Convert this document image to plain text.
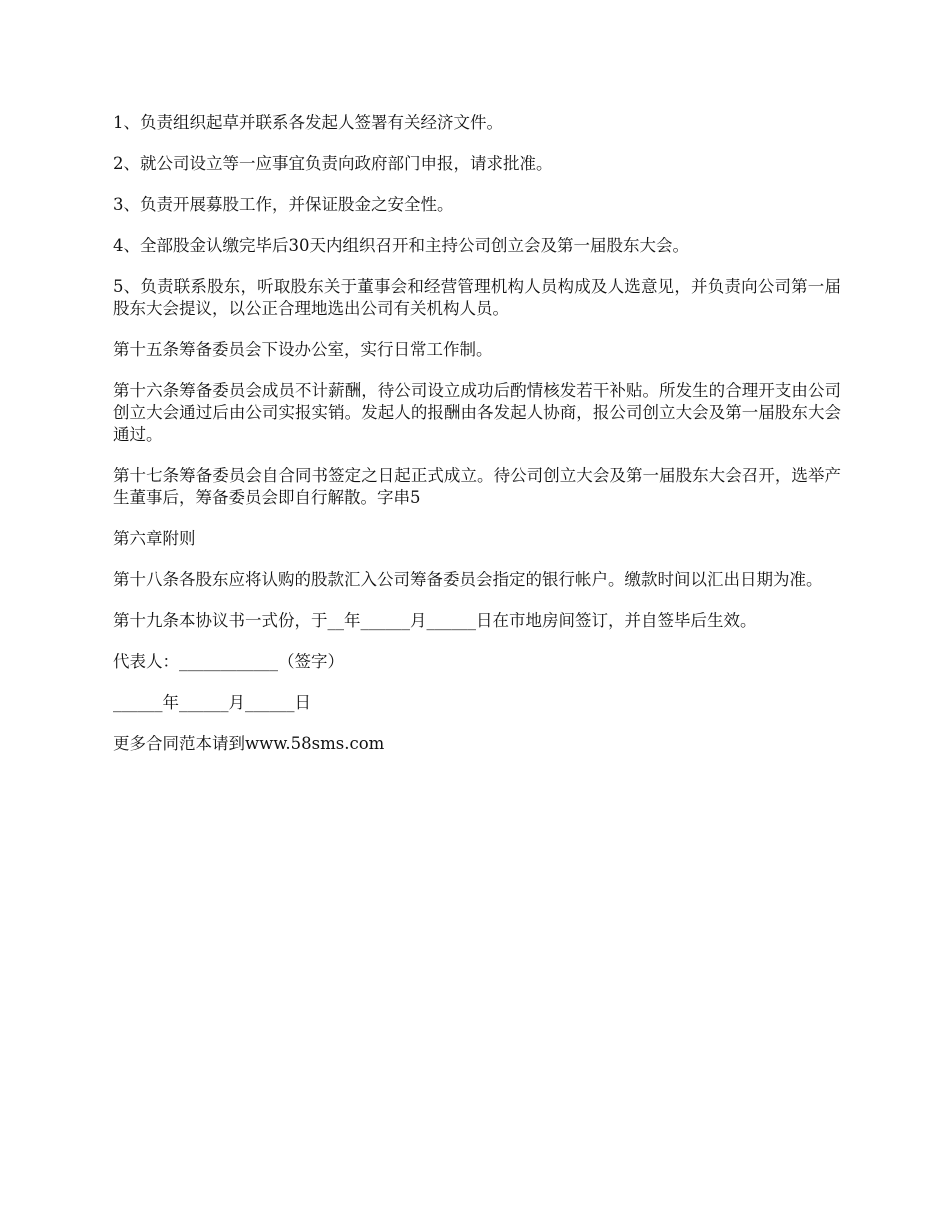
1、负责组织起草并联系各发起人签署有关经济文件。

2、就公司设立等一应事宜负责向政府部门申报，请求批准。

3、负责开展募股工作，并保证股金之安全性。

4、全部股金认缴完毕后30天内组织召开和主持公司创立会及第一届股东大会。

5、负责联系股东，听取股东关于董事会和经营管理机构人员构成及人选意见，并负责向公司第一届股东大会提议，以公正合理地选出公司有关机构人员。

第十五条筹备委员会下设办公室，实行日常工作制。

第十六条筹备委员会成员不计薪酬，待公司设立成功后酌情核发若干补贴。所发生的合理开支由公司创立大会通过后由公司实报实销。发起人的报酬由各发起人协商，报公司创立大会及第一届股东大会通过。

第十七条筹备委员会自合同书签定之日起正式成立。待公司创立大会及第一届股东大会召开，选举产生董事后，筹备委员会即自行解散。字串5

第六章附则

第十八条各股东应将认购的股款汇入公司筹备委员会指定的银行帐户。缴款时间以汇出日期为准。

第十九条本协议书一式份，于__年______月______日在市地房间签订，并自签毕后生效。

代表人：____________（签字）

______年______月______日

更多合同范本请到www.58sms.com
